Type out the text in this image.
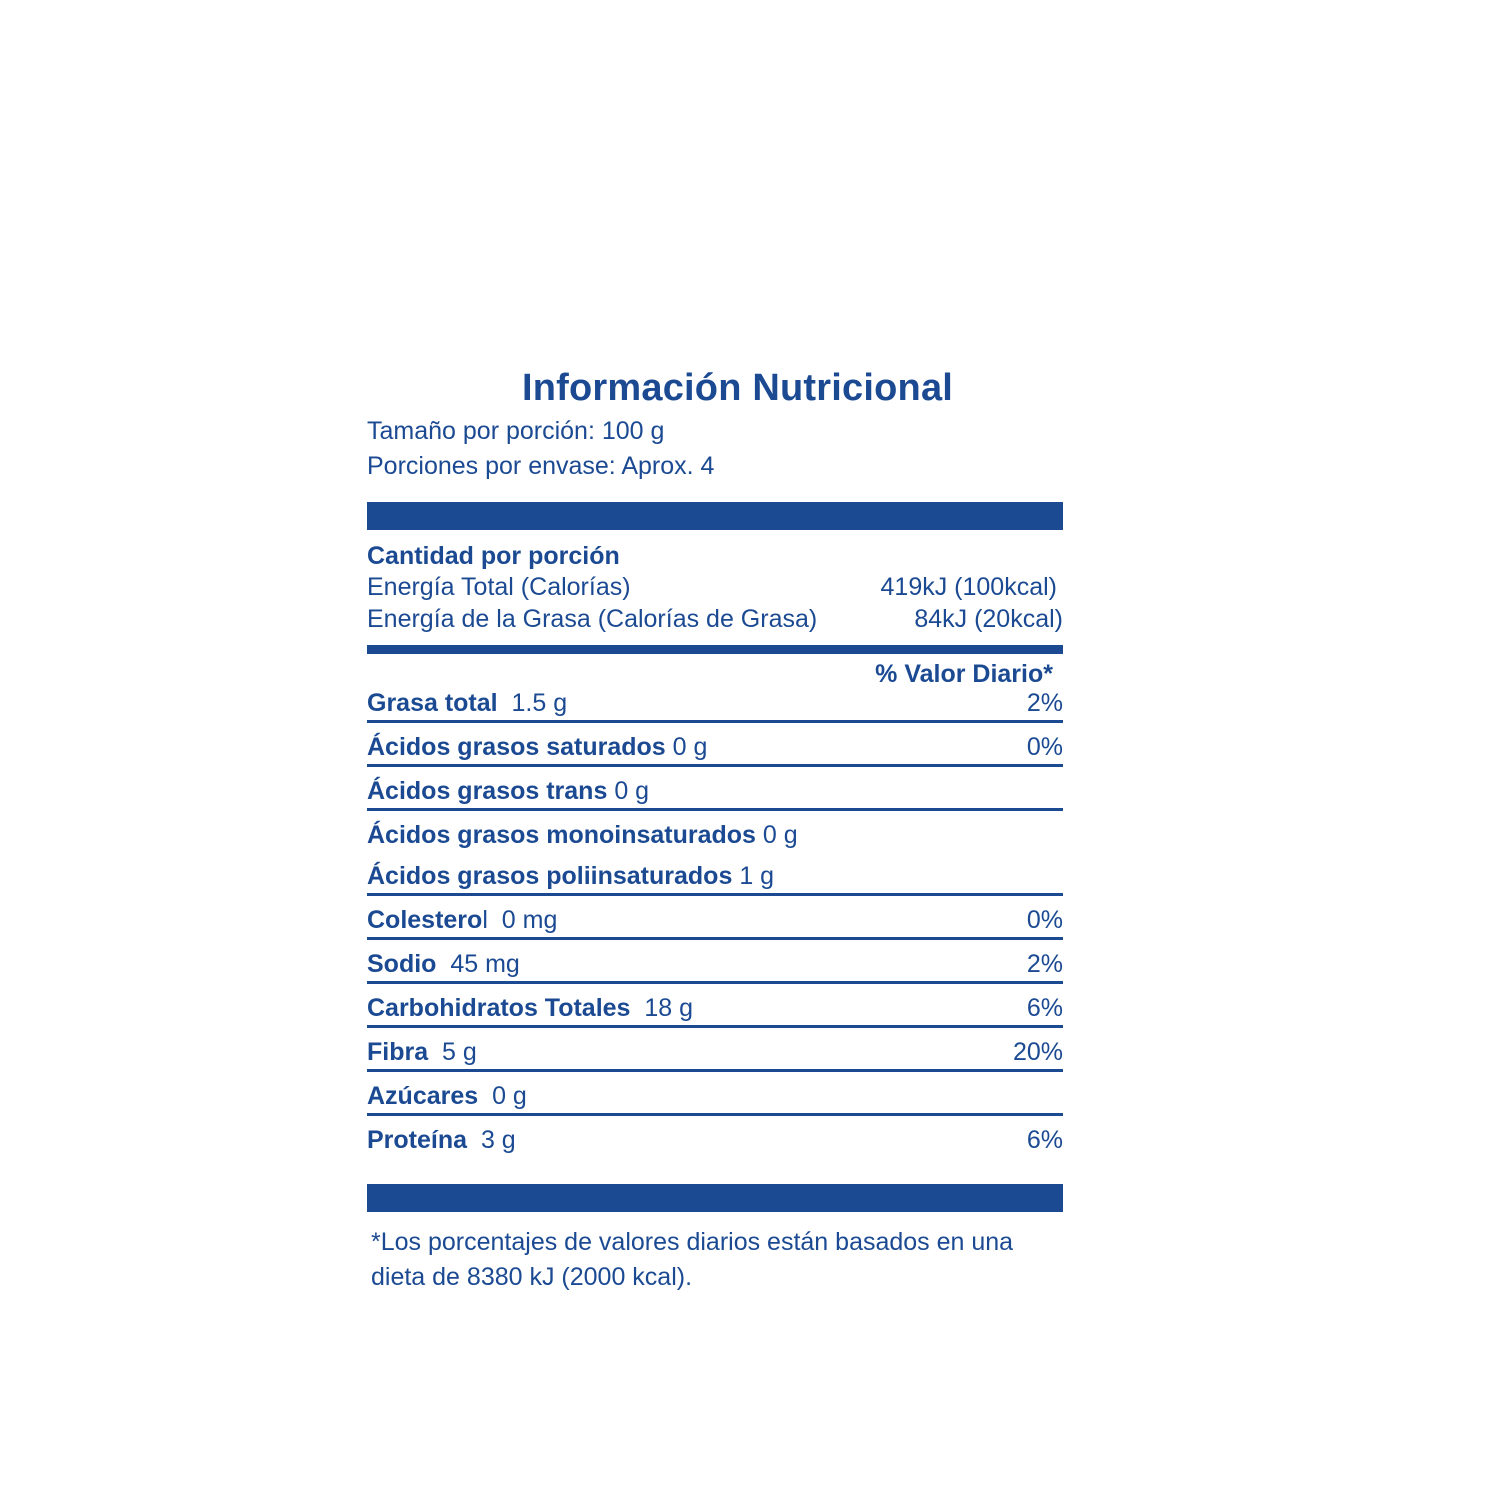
Información Nutricional
Tamaño por porción: 100 g
Porciones por envase: Aprox. 4
Cantidad por porción
Energía Total (Calorías)	419kJ (100kcal)
Energía de la Grasa (Calorías de Grasa)	84kJ (20kcal)
% Valor Diario*
Grasa total 1.5 g	2%
Ácidos grasos saturados 0 g	0%
Ácidos grasos trans 0 g
Ácidos grasos monoinsaturados 0 g
Ácidos grasos poliinsaturados 1 g
Colesterol 0 mg	0%
Sodio 45 mg	2%
Carbohidratos Totales 18 g	6%
Fibra 5 g	20%
Azúcares 0 g
Proteína 3 g	6%
*Los porcentajes de valores diarios están basados en una
dieta de 8380 kJ (2000 kcal).
